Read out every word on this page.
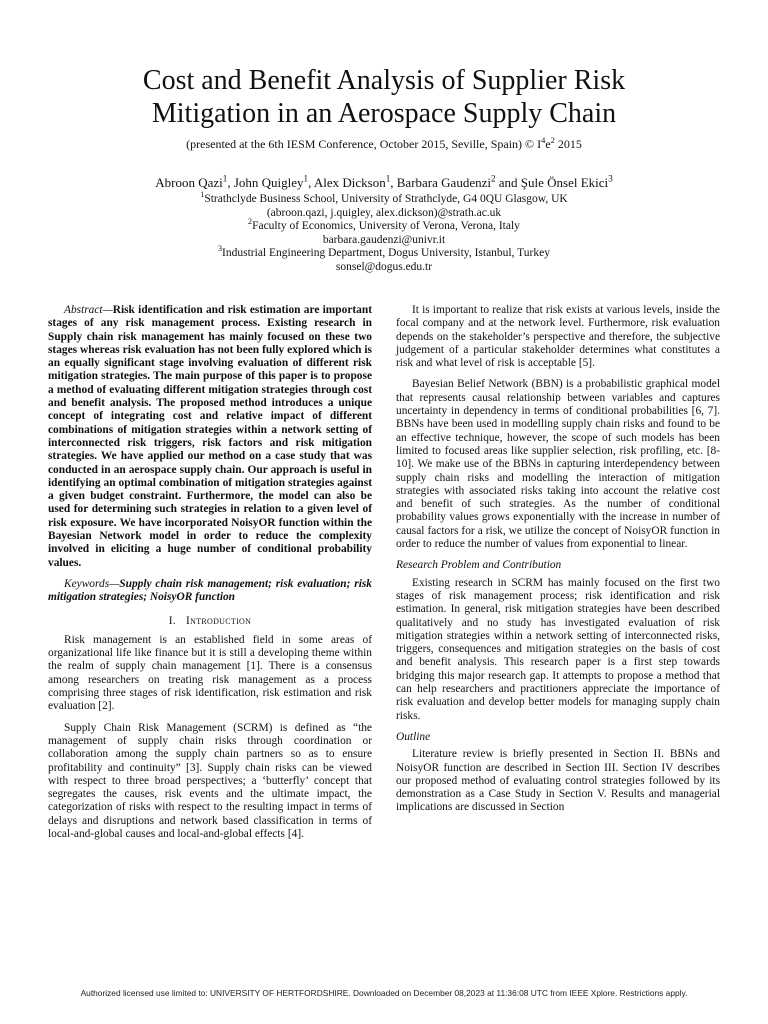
Cost and Benefit Analysis of Supplier Risk
Mitigation in an Aerospace Supply Chain
(presented at the 6th IESM Conference, October 2015, Seville, Spain) © $I^4e^2$ 2015
Abroon Qazi$^1$, John Quigley$^1$, Alex Dickson$^1$, Barbara Gaudenzi$^2$ and Şule Önsel Ekici$^3$
$^1$Strathclyde Business School, University of Strathclyde, G4 0QU Glasgow, UK
(abroon.qazi, j.quigley, alex.dickson)@strath.ac.uk
$^2$Faculty of Economics, University of Verona, Verona, Italy
barbara.gaudenzi@univr.it
$^3$Industrial Engineering Department, Dogus University, Istanbul, Turkey
sonsel@dogus.edu.tr

Abstract—Risk identification and risk estimation are important stages of any risk management process. Existing research in Supply chain risk management has mainly focused on these two stages whereas risk evaluation has not been fully explored which is an equally significant stage involving evaluation of different risk mitigation strategies. The main purpose of this paper is to propose a method of evaluating different mitigation strategies through cost and benefit analysis. The proposed method introduces a unique concept of integrating cost and relative impact of different combinations of mitigation strategies within a network setting of interconnected risk triggers, risk factors and risk mitigation strategies. We have applied our method on a case study that was conducted in an aerospace supply chain. Our approach is useful in identifying an optimal combination of mitigation strategies against a given budget constraint. Furthermore, the model can also be used for determining such strategies in relation to a given level of risk exposure. We have incorporated NoisyOR function within the Bayesian Network model in order to reduce the complexity involved in eliciting a huge number of conditional probability values.

Keywords—Supply chain risk management; risk evaluation; risk mitigation strategies; NoisyOR function

I. Introduction

Risk management is an established field in some areas of organizational life like finance but it is still a developing theme within the realm of supply chain management [1]. There is a consensus among researchers on treating risk management as a process comprising three stages of risk identification, risk estimation and risk evaluation [2].

Supply Chain Risk Management (SCRM) is defined as “the management of supply chain risks through coordination or collaboration among the supply chain partners so as to ensure profitability and continuity” [3]. Supply chain risks can be viewed with respect to three broad perspectives; a ‘butterfly’ concept that segregates the causes, risk events and the ultimate impact, the categorization of risks with respect to the resulting impact in terms of delays and disruptions and network based classification in terms of local-and-global causes and local-and-global effects [4].

It is important to realize that risk exists at various levels, inside the focal company and at the network level. Furthermore, risk evaluation depends on the stakeholder’s perspective and therefore, the subjective judgement of a particular stakeholder determines what constitutes a risk and what level of risk is acceptable [5].

Bayesian Belief Network (BBN) is a probabilistic graphical model that represents causal relationship between variables and captures uncertainty in dependency in terms of conditional probabilities [6, 7]. BBNs have been used in modelling supply chain risks and found to be an effective technique, however, the scope of such models has been limited to focused areas like supplier selection, risk profiling, etc. [8-10]. We make use of the BBNs in capturing interdependency between supply chain risks and modelling the interaction of mitigation strategies with associated risks taking into account the relative cost and benefit of such strategies. As the number of conditional probability values grows exponentially with the increase in number of causal factors for a risk, we utilize the concept of NoisyOR function in order to reduce the number of values from exponential to linear.

Research Problem and Contribution

Existing research in SCRM has mainly focused on the first two stages of risk management process; risk identification and risk estimation. In general, risk mitigation strategies have been described qualitatively and no study has investigated evaluation of risk mitigation strategies within a network setting of interconnected risks, triggers, consequences and mitigation strategies on the basis of cost and benefit analysis. This research paper is a first step towards bridging this major research gap. It attempts to propose a method that can help researchers and practitioners appreciate the importance of risk evaluation and develop better models for managing supply chain risks.

Outline

Literature review is briefly presented in Section II. BBNs and NoisyOR function are described in Section III. Section IV describes our proposed method of evaluating control strategies followed by its demonstration as a Case Study in Section V. Results and managerial implications are discussed in Section

Authorized licensed use limited to: UNIVERSITY OF HERTFORDSHIRE. Downloaded on December 08,2023 at 11:36:08 UTC from IEEE Xplore. Restrictions apply.
